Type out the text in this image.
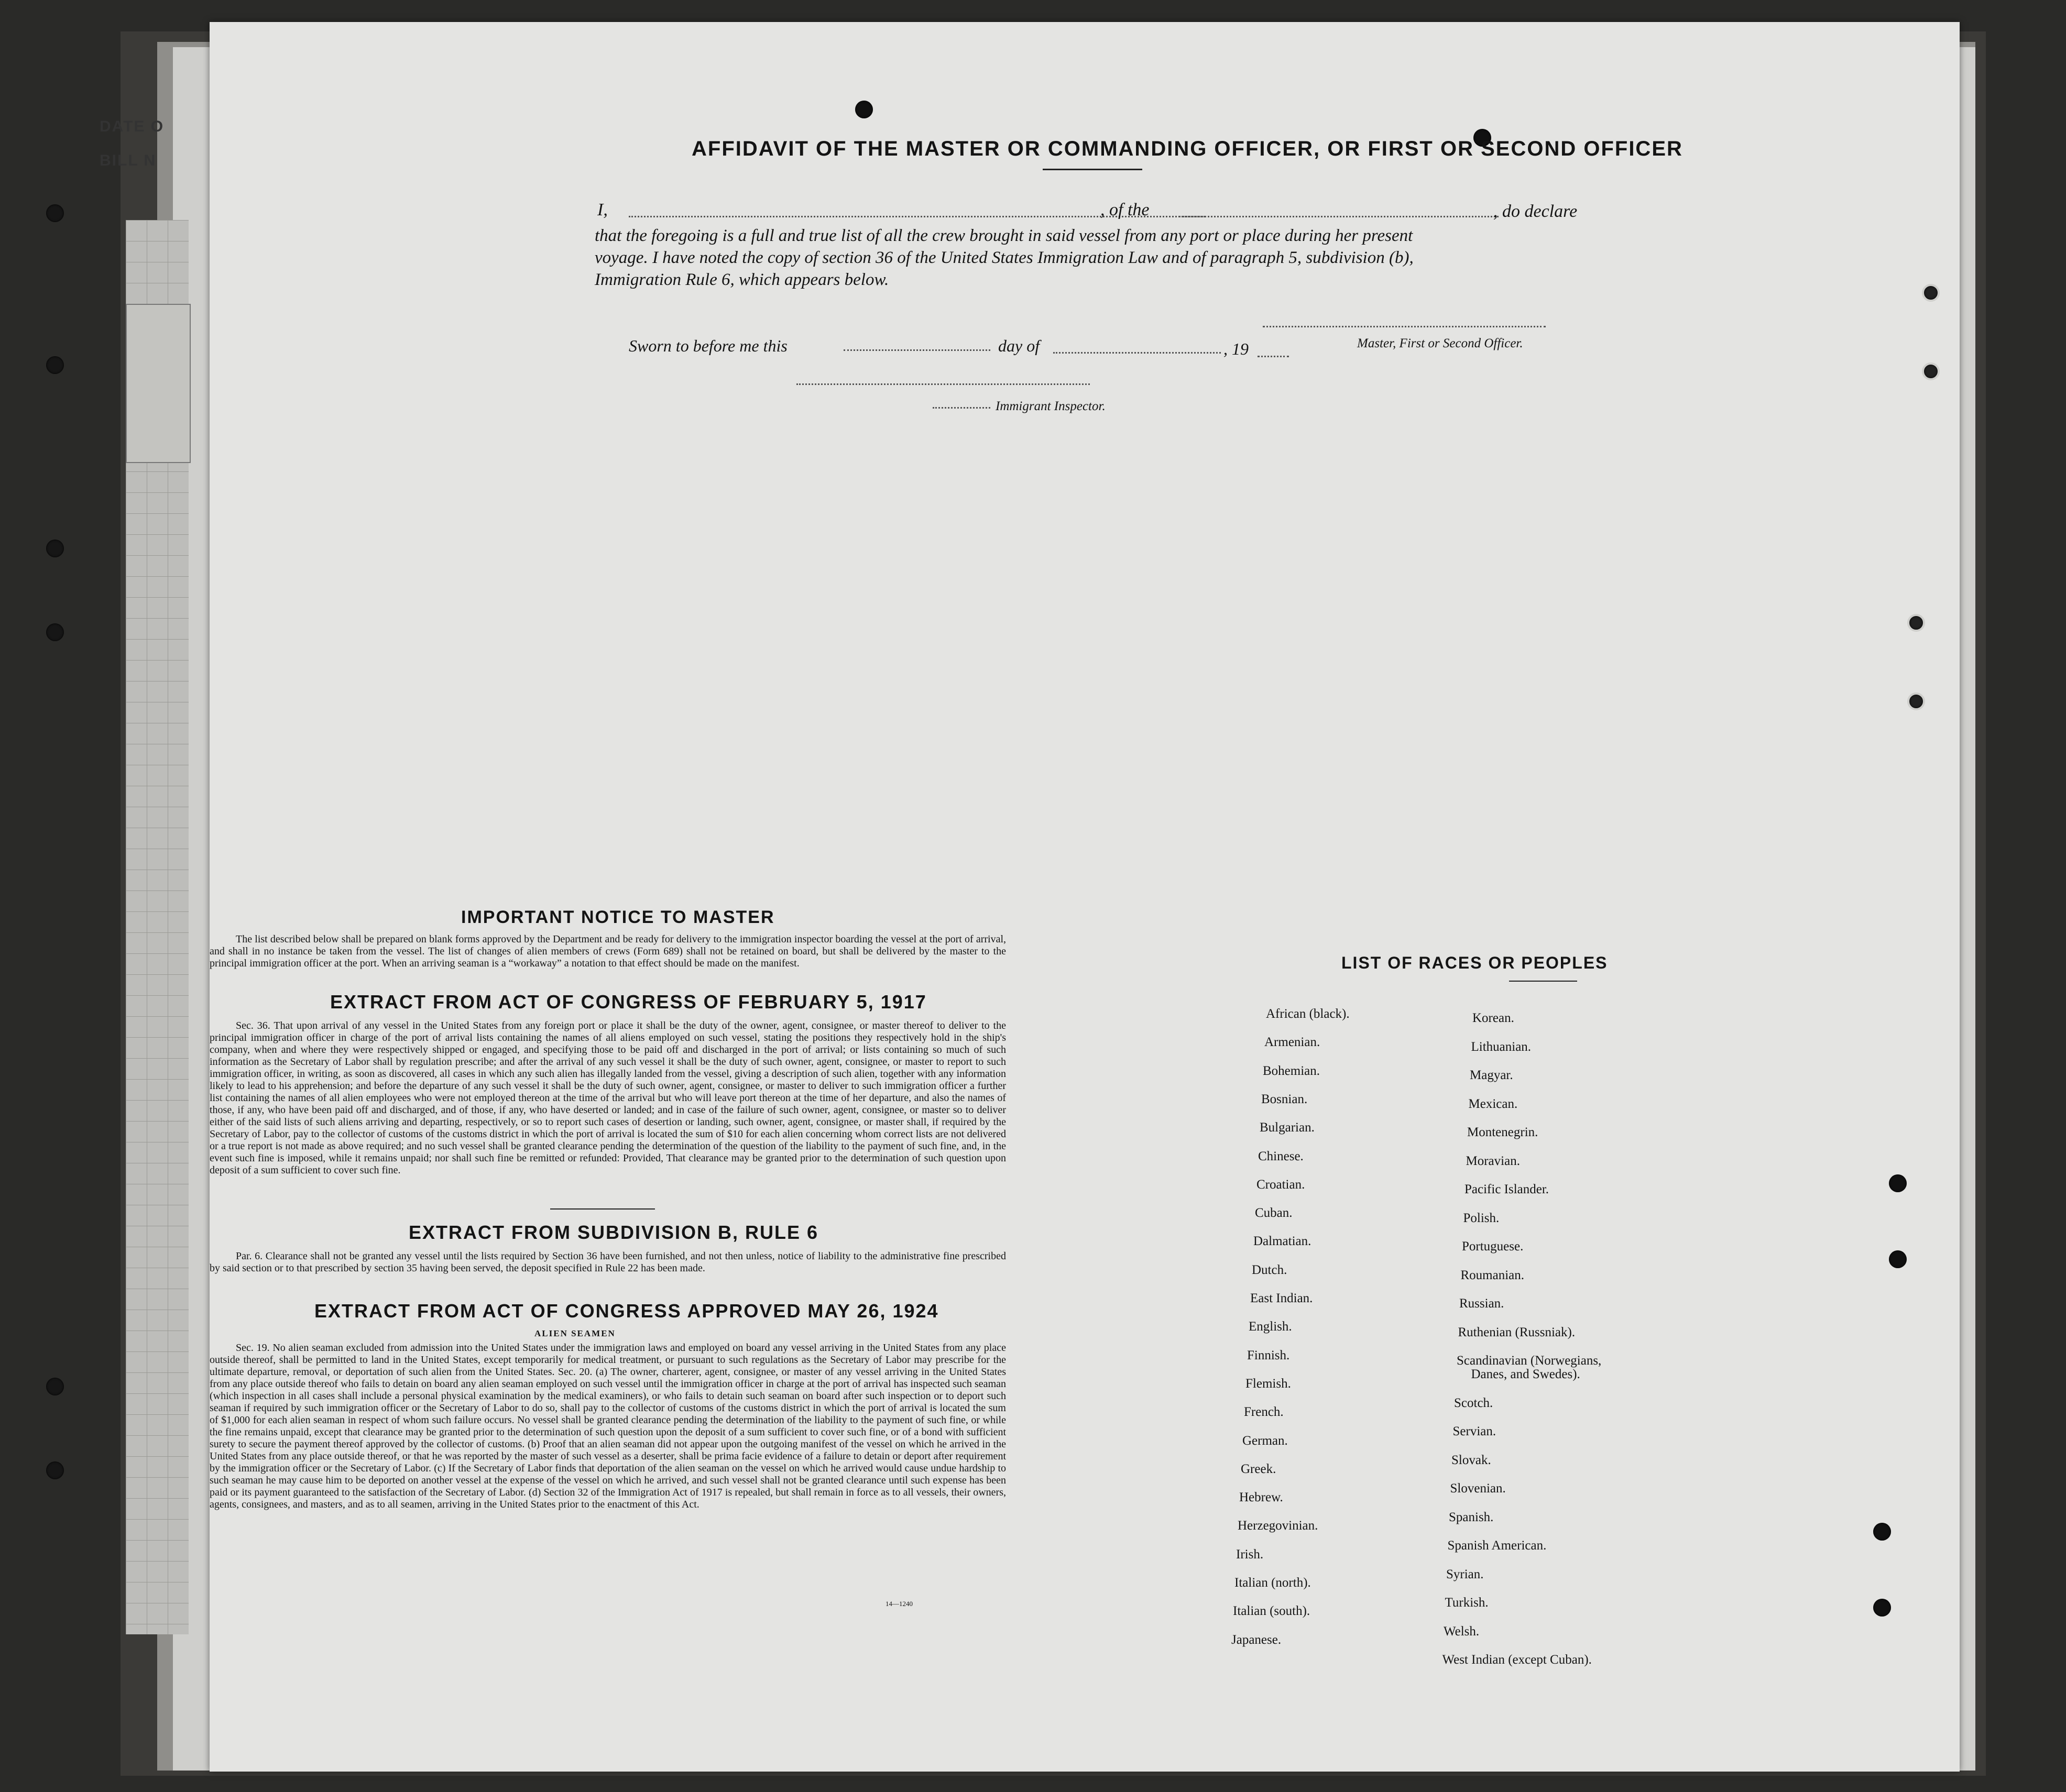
DATE O
BILL N
AFFIDAVIT OF THE MASTER OR COMMANDING OFFICER, OR FIRST OR SECOND OFFICER
I,	, of the	, do declare
that the foregoing is a full and true list of all the crew brought in said vessel from any port or place during her present
voyage. I have noted the copy of section 36 of the United States Immigration Law and of paragraph 5, subdivision (b),
Immigration Rule 6, which appears below.
Sworn to before me this	day of	, 19	Master, First or Second Officer.
Immigrant Inspector.
IMPORTANT NOTICE TO MASTER
The list described below shall be prepared on blank forms approved by the Department and be ready for delivery to the immigration inspector boarding the vessel at the port of arrival, and shall in no instance be taken from the vessel. The list of changes of alien members of crews (Form 689) shall not be retained on board, but shall be delivered by the master to the principal immigration officer at the port. When an arriving seaman is a “workaway” a notation to that effect should be made on the manifest.
EXTRACT FROM ACT OF CONGRESS OF FEBRUARY 5, 1917
Sec. 36. That upon arrival of any vessel in the United States from any foreign port or place it shall be the duty of the owner, agent, consignee, or master thereof to deliver to the principal immigration officer in charge of the port of arrival lists containing the names of all aliens employed on such vessel, stating the positions they respectively hold in the ship's company, when and where they were respectively shipped or engaged, and specifying those to be paid off and discharged in the port of arrival; or lists containing so much of such information as the Secretary of Labor shall by regulation prescribe; and after the arrival of any such vessel it shall be the duty of such owner, agent, consignee, or master to report to such immigration officer, in writing, as soon as discovered, all cases in which any such alien has illegally landed from the vessel, giving a description of such alien, together with any information likely to lead to his apprehension; and before the departure of any such vessel it shall be the duty of such owner, agent, consignee, or master to deliver to such immigration officer a further list containing the names of all alien employees who were not employed thereon at the time of the arrival but who will leave port thereon at the time of her departure, and also the names of those, if any, who have been paid off and discharged, and of those, if any, who have deserted or landed; and in case of the failure of such owner, agent, consignee, or master so to deliver either of the said lists of such aliens arriving and departing, respectively, or so to report such cases of desertion or landing, such owner, agent, consignee, or master shall, if required by the Secretary of Labor, pay to the collector of customs of the customs district in which the port of arrival is located the sum of $10 for each alien concerning whom correct lists are not delivered or a true report is not made as above required; and no such vessel shall be granted clearance pending the determination of the question of the liability to the payment of such fine, and, in the event such fine is imposed, while it remains unpaid; nor shall such fine be remitted or refunded: Provided, That clearance may be granted prior to the determination of such question upon deposit of a sum sufficient to cover such fine.
EXTRACT FROM SUBDIVISION B, RULE 6
Par. 6. Clearance shall not be granted any vessel until the lists required by Section 36 have been furnished, and not then unless, notice of liability to the administrative fine prescribed by said section or to that prescribed by section 35 having been served, the deposit specified in Rule 22 has been made.
EXTRACT FROM ACT OF CONGRESS APPROVED MAY 26, 1924
ALIEN SEAMEN
Sec. 19. No alien seaman excluded from admission into the United States under the immigration laws and employed on board any vessel arriving in the United States from any place outside thereof, shall be permitted to land in the United States, except temporarily for medical treatment, or pursuant to such regulations as the Secretary of Labor may prescribe for the ultimate departure, removal, or deportation of such alien from the United States. Sec. 20. (a) The owner, charterer, agent, consignee, or master of any vessel arriving in the United States from any place outside thereof who fails to detain on board any alien seaman employed on such vessel until the immigration officer in charge at the port of arrival has inspected such seaman (which inspection in all cases shall include a personal physical examination by the medical examiners), or who fails to detain such seaman on board after such inspection or to deport such seaman if required by such immigration officer or the Secretary of Labor to do so, shall pay to the collector of customs of the customs district in which the port of arrival is located the sum of $1,000 for each alien seaman in respect of whom such failure occurs. No vessel shall be granted clearance pending the determination of the liability to the payment of such fine, or while the fine remains unpaid, except that clearance may be granted prior to the determination of such question upon the deposit of a sum sufficient to cover such fine, or of a bond with sufficient surety to secure the payment thereof approved by the collector of customs. (b) Proof that an alien seaman did not appear upon the outgoing manifest of the vessel on which he arrived in the United States from any place outside thereof, or that he was reported by the master of such vessel as a deserter, shall be prima facie evidence of a failure to detain or deport after requirement by the immigration officer or the Secretary of Labor. (c) If the Secretary of Labor finds that deportation of the alien seaman on the vessel on which he arrived would cause undue hardship to such seaman he may cause him to be deported on another vessel at the expense of the vessel on which he arrived, and such vessel shall not be granted clearance until such expense has been paid or its payment guaranteed to the satisfaction of the Secretary of Labor. (d) Section 32 of the Immigration Act of 1917 is repealed, but shall remain in force as to all vessels, their owners, agents, consignees, and masters, and as to all seamen, arriving in the United States prior to the enactment of this Act.
14—1240
LIST OF RACES OR PEOPLES
African (black).
Armenian.
Bohemian.
Bosnian.
Bulgarian.
Chinese.
Croatian.
Cuban.
Dalmatian.
Dutch.
East Indian.
English.
Finnish.
Flemish.
French.
German.
Greek.
Hebrew.
Herzegovinian.
Irish.
Italian (north).
Italian (south).
Japanese.
Korean.
Lithuanian.
Magyar.
Mexican.
Montenegrin.
Moravian.
Pacific Islander.
Polish.
Portuguese.
Roumanian.
Russian.
Ruthenian (Russniak).
Scandinavian (Norwegians,
Danes, and Swedes).
Scotch.
Servian.
Slovak.
Slovenian.
Spanish.
Spanish American.
Syrian.
Turkish.
Welsh.
West Indian (except Cuban).
